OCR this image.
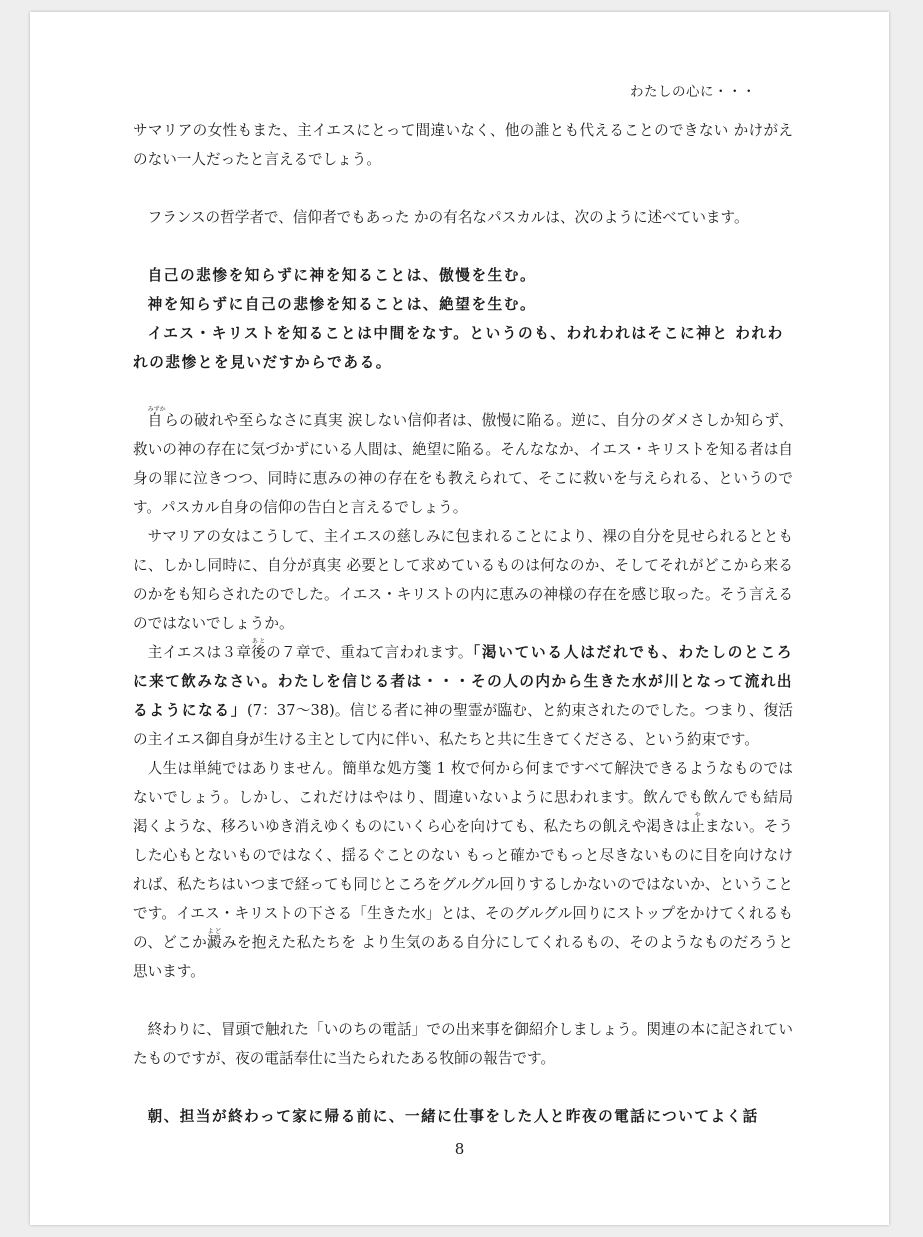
わたしの心に・・・

サマリアの女性もまた、主イエスにとって間違いなく、他の誰とも代えることのできない かけがえのない一人だったと言えるでしょう。

フランスの哲学者で、信仰者でもあった かの有名なパスカルは、次のように述べています。

自己の悲惨を知らずに神を知ることは、傲慢を生む。

神を知らずに自己の悲惨を知ることは、絶望を生む。

イエス・キリストを知ることは中間をなす。というのも、われわれはそこに神と われわれの悲惨とを見いだすからである。

自みずからの破れや至らなさに真実 涙しない信仰者は、傲慢に陥る。逆に、自分のダメさしか知らず、救いの神の存在に気づかずにいる人間は、絶望に陥る。そんななか、イエス・キリストを知る者は自身の罪に泣きつつ、同時に恵みの神の存在をも教えられて、そこに救いを与えられる、というのです。パスカル自身の信仰の告白と言えるでしょう。

サマリアの女はこうして、主イエスの慈しみに包まれることにより、裸の自分を見せられるとともに、しかし同時に、自分が真実 必要として求めているものは何なのか、そしてそれがどこから来るのかをも知らされたのでした。イエス・キリストの内に恵みの神様の存在を感じ取った。そう言えるのではないでしょうか。

主イエスは３章後あとの７章で、重ねて言われます。「渇いている人はだれでも、わたしのところに来て飲みなさい。わたしを信じる者は・・・その人の内から生きた水が川となって流れ出るようになる」(7：37〜38)。信じる者に神の聖霊が臨む、と約束されたのでした。つまり、復活の主イエス御自身が生ける主として内に伴い、私たちと共に生きてくださる、という約束です。

人生は単純ではありません。簡単な処方箋 1 枚で何から何まですべて解決できるようなものではないでしょう。しかし、これだけはやはり、間違いないように思われます。飲んでも飲んでも結局 渇くような、移ろいゆき消えゆくものにいくら心を向けても、私たちの飢えや渇きは止やまない。そうした心もとないものではなく、揺るぐことのない もっと確かでもっと尽きないものに目を向けなければ、私たちはいつまで経っても同じところをグルグル回りするしかないのではないか、ということです。イエス・キリストの下さる「生きた水」とは、そのグルグル回りにストップをかけてくれるもの、どこか澱よどみを抱えた私たちを より生気のある自分にしてくれるもの、そのようなものだろうと思います。

終わりに、冒頭で触れた「いのちの電話」での出来事を御紹介しましょう。関連の本に記されていたものですが、夜の電話奉仕に当たられたある牧師の報告です。

朝、担当が終わって家に帰る前に、一緒に仕事をした人と昨夜の電話についてよく話

8
